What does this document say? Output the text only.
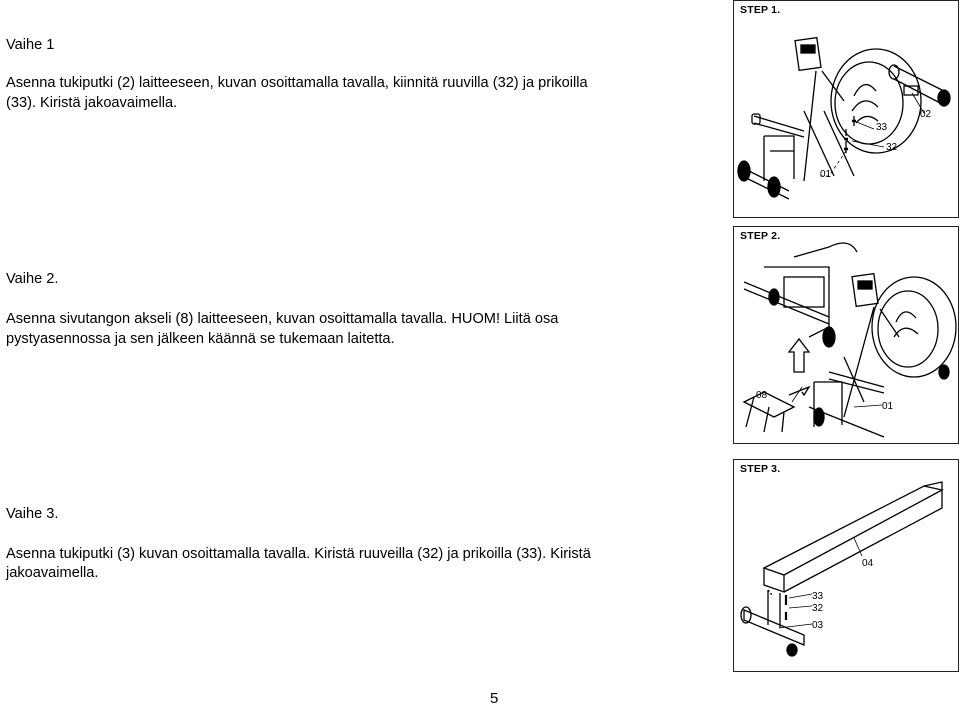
Vaihe 1
Asenna tukiputki (2) laitteeseen, kuvan osoittamalla tavalla, kiinnitä ruuvilla (32) ja prikoilla
(33). Kiristä jakoavaimella.
Vaihe 2.
Asenna sivutangon akseli (8) laitteeseen, kuvan osoittamalla tavalla. HUOM! Liitä osa
pystyasennossa ja sen jälkeen käännä se tukemaan laitetta.
Vaihe 3.
Asenna tukiputki (3) kuvan osoittamalla tavalla. Kiristä ruuveilla (32) ja prikoilla (33). Kiristä
jakoavaimella.
02
33
32
01
STEP 1.
08
01
STEP 2.
04
33
32
03
STEP 3.
5
